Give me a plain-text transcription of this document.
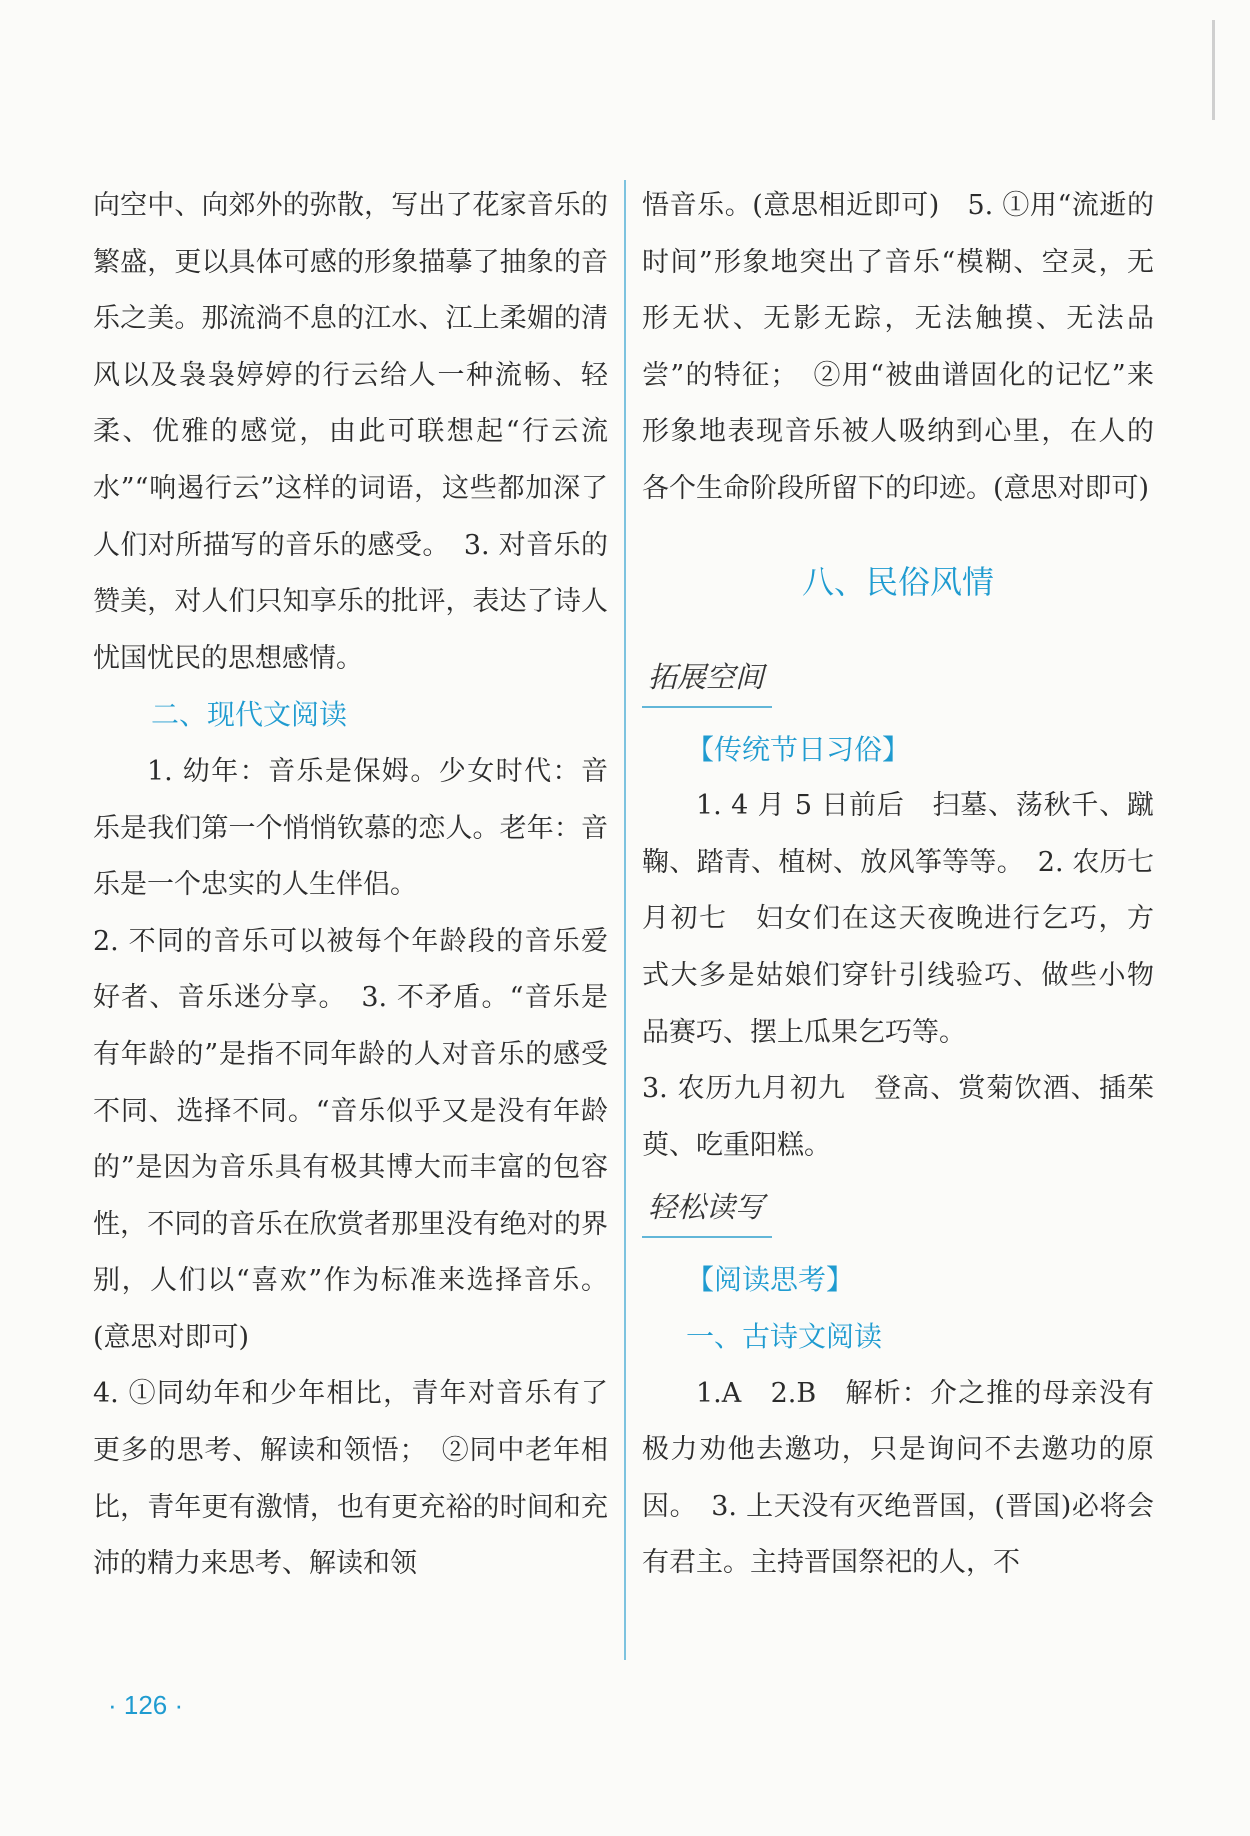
向空中、向郊外的弥散，写出了花家音乐的繁盛，更以具体可感的形象描摹了抽象的音乐之美。那流淌不息的江水、江上柔媚的清风以及袅袅婷婷的行云给人一种流畅、轻柔、优雅的感觉，由此可联想起“行云流水”“响遏行云”这样的词语，这些都加深了人们对所描写的音乐的感受。　3. 对音乐的赞美，对人们只知享乐的批评，表达了诗人忧国忧民的思想感情。

二、现代文阅读

1. 幼年：音乐是保姆。少女时代：音乐是我们第一个悄悄钦慕的恋人。老年：音乐是一个忠实的人生伴侣。

2. 不同的音乐可以被每个年龄段的音乐爱好者、音乐迷分享。　3. 不矛盾。“音乐是有年龄的”是指不同年龄的人对音乐的感受不同、选择不同。“音乐似乎又是没有年龄的”是因为音乐具有极其博大而丰富的包容性，不同的音乐在欣赏者那里没有绝对的界别，人们以“喜欢”作为标准来选择音乐。(意思对即可)

4. ①同幼年和少年相比，青年对音乐有了更多的思考、解读和领悟；　②同中老年相比，青年更有激情，也有更充裕的时间和充沛的精力来思考、解读和领

悟音乐。(意思相近即可)　5. ①用“流逝的时间”形象地突出了音乐“模糊、空灵，无形无状、无影无踪，无法触摸、无法品尝”的特征；　②用“被曲谱固化的记忆”来形象地表现音乐被人吸纳到心里，在人的各个生命阶段所留下的印迹。(意思对即可)

八、民俗风情

拓展空间

【传统节日习俗】

1. 4 月 5 日前后　扫墓、荡秋千、蹴鞠、踏青、植树、放风筝等等。　2. 农历七月初七　妇女们在这天夜晚进行乞巧，方式大多是姑娘们穿针引线验巧、做些小物品赛巧、摆上瓜果乞巧等。

3. 农历九月初九　登高、赏菊饮酒、插茱萸、吃重阳糕。

轻松读写

【阅读思考】

一、古诗文阅读

1.A　2.B　解析：介之推的母亲没有极力劝他去邀功，只是询问不去邀功的原因。　3. 上天没有灭绝晋国，(晋国)必将会有君主。主持晋国祭祀的人，不

· 126 ·
